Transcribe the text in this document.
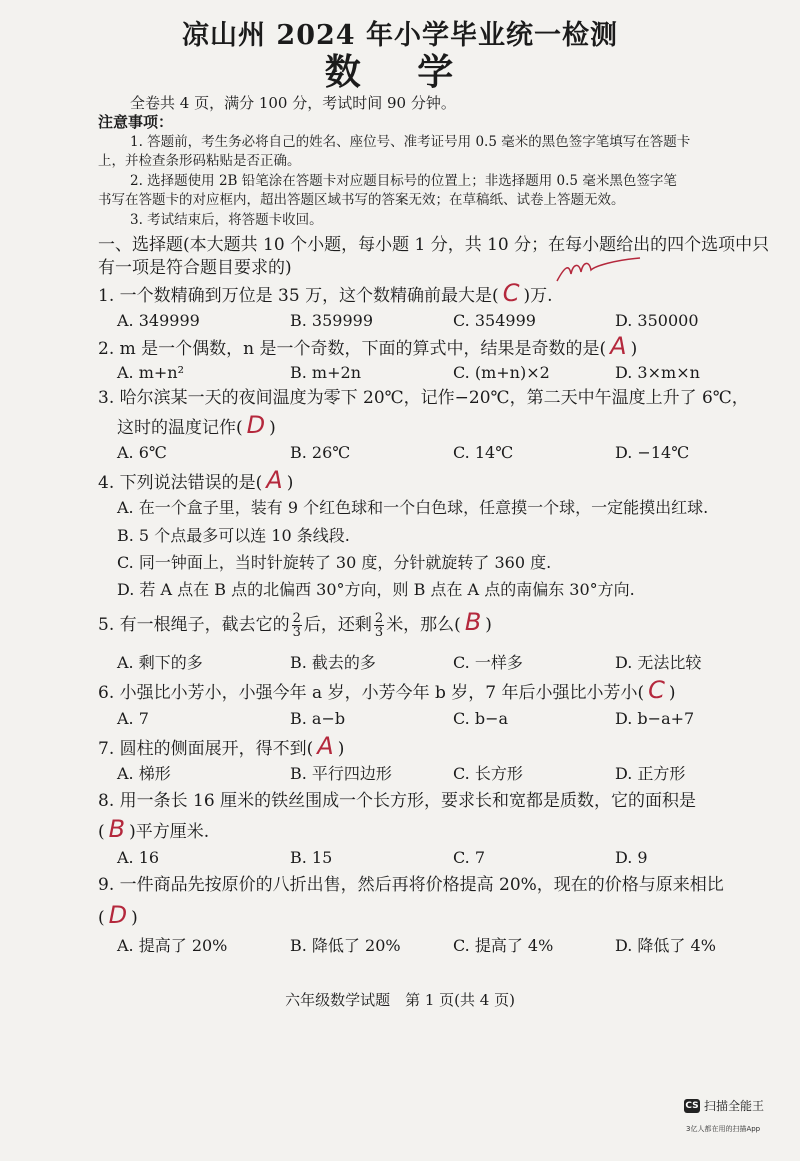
凉山州 2024 年小学毕业统一检测
数 学
全卷共 4 页，满分 100 分，考试时间 90 分钟。
注意事项：
1. 答题前，考生务必将自己的姓名、座位号、准考证号用 0.5 毫米的黑色签字笔填写在答题卡
上，并检查条形码粘贴是否正确。
2. 选择题使用 2B 铅笔涂在答题卡对应题目标号的位置上；非选择题用 0.5 毫米黑色签字笔
书写在答题卡的对应框内，超出答题区域书写的答案无效；在草稿纸、试卷上答题无效。
3. 考试结束后，将答题卡收回。
一、选择题(本大题共 10 个小题，每小题 1 分，共 10 分；在每小题给出的四个选项中只
有一项是符合题目要求的)
1. 一个数精确到万位是 35 万，这个数精确前最大是( C )万.
A. 349999	B. 359999	C. 354999	D. 350000
2. m 是一个偶数，n 是一个奇数，下面的算式中，结果是奇数的是( A )
A. m+n²	B. m+2n	C. (m+n)×2	D. 3×m×n
3. 哈尔滨某一天的夜间温度为零下 20℃，记作−20℃，第二天中午温度上升了 6℃，
这时的温度记作( D )
A. 6℃	B. 26℃	C. 14℃	D. −14℃
4. 下列说法错误的是( A )
A. 在一个盒子里，装有 9 个红色球和一个白色球，任意摸一个球，一定能摸出红球.
B. 5 个点最多可以连 10 条线段.
C. 同一钟面上，当时针旋转了 30 度，分针就旋转了 360 度.
D. 若 A 点在 B 点的北偏西 30°方向，则 B 点在 A 点的南偏东 30°方向.
5. 有一根绳子，截去它的 $\frac{2}{3}$ 后，还剩 $\frac{2}{3}$ 米，那么( B )
A. 剩下的多	B. 截去的多	C. 一样多	D. 无法比较
6. 小强比小芳小，小强今年 a 岁，小芳今年 b 岁，7 年后小强比小芳小( C )
A. 7	B. a−b	C. b−a	D. b−a+7
7. 圆柱的侧面展开，得不到( A )
A. 梯形	B. 平行四边形	C. 长方形	D. 正方形
8. 用一条长 16 厘米的铁丝围成一个长方形，要求长和宽都是质数，它的面积是
( B )平方厘米.
A. 16	B. 15	C. 7	D. 9
9. 一件商品先按原价的八折出售，然后再将价格提高 20%，现在的价格与原来相比
( D )
A. 提高了 20%	B. 降低了 20%	C. 提高了 4%	D. 降低了 4%
六年级数学试题　第 1 页(共 4 页)
CS 扫描全能王
3亿人都在用的扫描App
